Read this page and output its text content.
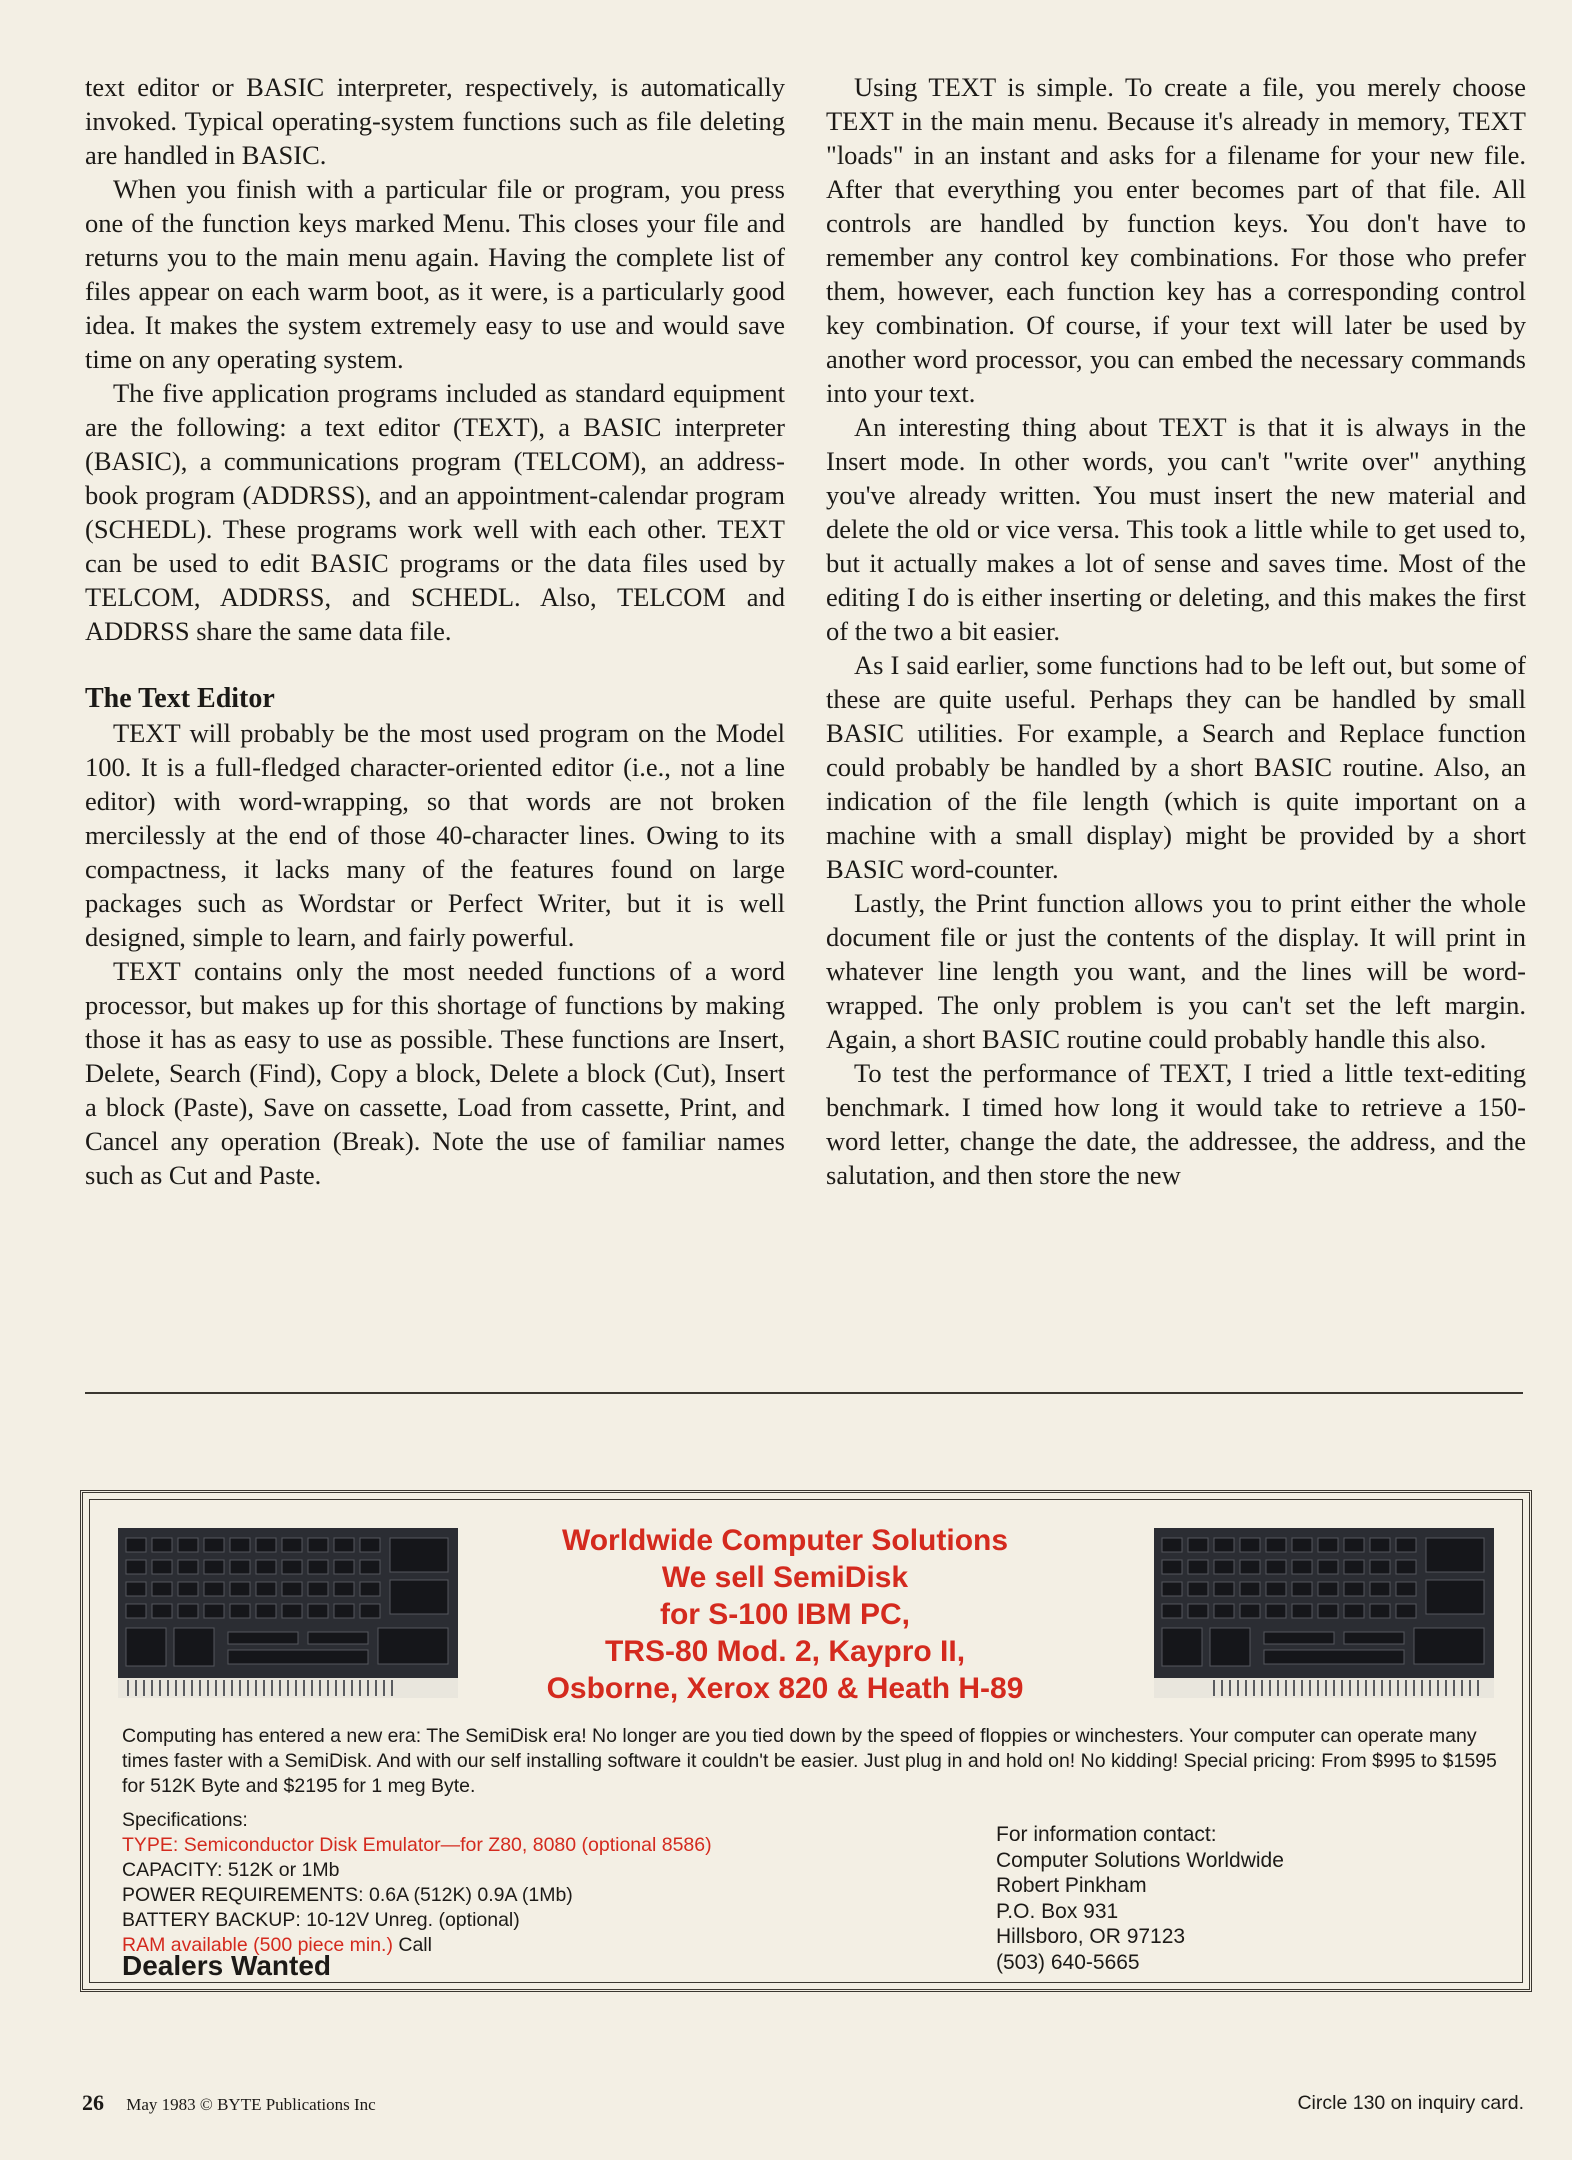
text editor or BASIC interpreter, respectively, is automatically invoked. Typical operating-system functions such as file deleting are handled in BASIC.

When you finish with a particular file or program, you press one of the function keys marked Menu. This closes your file and returns you to the main menu again. Having the complete list of files appear on each warm boot, as it were, is a particularly good idea. It makes the system extremely easy to use and would save time on any operating system.

The five application programs included as standard equipment are the following: a text editor (TEXT), a BASIC interpreter (BASIC), a communications program (TELCOM), an address-book program (ADDRSS), and an appointment-calendar program (SCHEDL). These programs work well with each other. TEXT can be used to edit BASIC programs or the data files used by TELCOM, ADDRSS, and SCHEDL. Also, TELCOM and ADDRSS share the same data file.

The Text Editor

TEXT will probably be the most used program on the Model 100. It is a full-fledged character-oriented editor (i.e., not a line editor) with word-wrapping, so that words are not broken mercilessly at the end of those 40-character lines. Owing to its compactness, it lacks many of the features found on large packages such as Wordstar or Perfect Writer, but it is well designed, simple to learn, and fairly powerful.

TEXT contains only the most needed functions of a word processor, but makes up for this shortage of functions by making those it has as easy to use as possible. These functions are Insert, Delete, Search (Find), Copy a block, Delete a block (Cut), Insert a block (Paste), Save on cassette, Load from cassette, Print, and Cancel any operation (Break). Note the use of familiar names such as Cut and Paste.

Using TEXT is simple. To create a file, you merely choose TEXT in the main menu. Because it's already in memory, TEXT "loads" in an instant and asks for a filename for your new file. After that everything you enter becomes part of that file. All controls are handled by function keys. You don't have to remember any control key combinations. For those who prefer them, however, each function key has a corresponding control key combination. Of course, if your text will later be used by another word processor, you can embed the necessary commands into your text.

An interesting thing about TEXT is that it is always in the Insert mode. In other words, you can't "write over" anything you've already written. You must insert the new material and delete the old or vice versa. This took a little while to get used to, but it actually makes a lot of sense and saves time. Most of the editing I do is either inserting or deleting, and this makes the first of the two a bit easier.

As I said earlier, some functions had to be left out, but some of these are quite useful. Perhaps they can be handled by small BASIC utilities. For example, a Search and Replace function could probably be handled by a short BASIC routine. Also, an indication of the file length (which is quite important on a machine with a small display) might be provided by a short BASIC word-counter.

Lastly, the Print function allows you to print either the whole document file or just the contents of the display. It will print in whatever line length you want, and the lines will be word-wrapped. The only problem is you can't set the left margin. Again, a short BASIC routine could probably handle this also.

To test the performance of TEXT, I tried a little text-editing benchmark. I timed how long it would take to retrieve a 150-word letter, change the date, the addressee, the address, and the salutation, and then store the new

Worldwide Computer Solutions
We sell SemiDisk
for S-100 IBM PC,
TRS-80 Mod. 2, Kaypro II,
Osborne, Xerox 820 & Heath H-89
Computing has entered a new era: The SemiDisk era! No longer are you tied down by the speed of floppies or winchesters. Your computer can operate many times faster with a SemiDisk. And with our self installing software it couldn't be easier. Just plug in and hold on! No kidding! Special pricing: From $995 to $1595 for 512K Byte and $2195 for 1 meg Byte.
Specifications:
TYPE: Semiconductor Disk Emulator—for Z80, 8080 (optional 8586)
CAPACITY: 512K or 1Mb
POWER REQUIREMENTS: 0.6A (512K) 0.9A (1Mb)
BATTERY BACKUP: 10-12V Unreg. (optional)
RAM available (500 piece min.) Call
Dealers Wanted
For information contact:
Computer Solutions Worldwide
Robert Pinkham
P.O. Box 931
Hillsboro, OR 97123
(503) 640-5665
26 May 1983 © BYTE Publications Inc	Circle 130 on inquiry card.
